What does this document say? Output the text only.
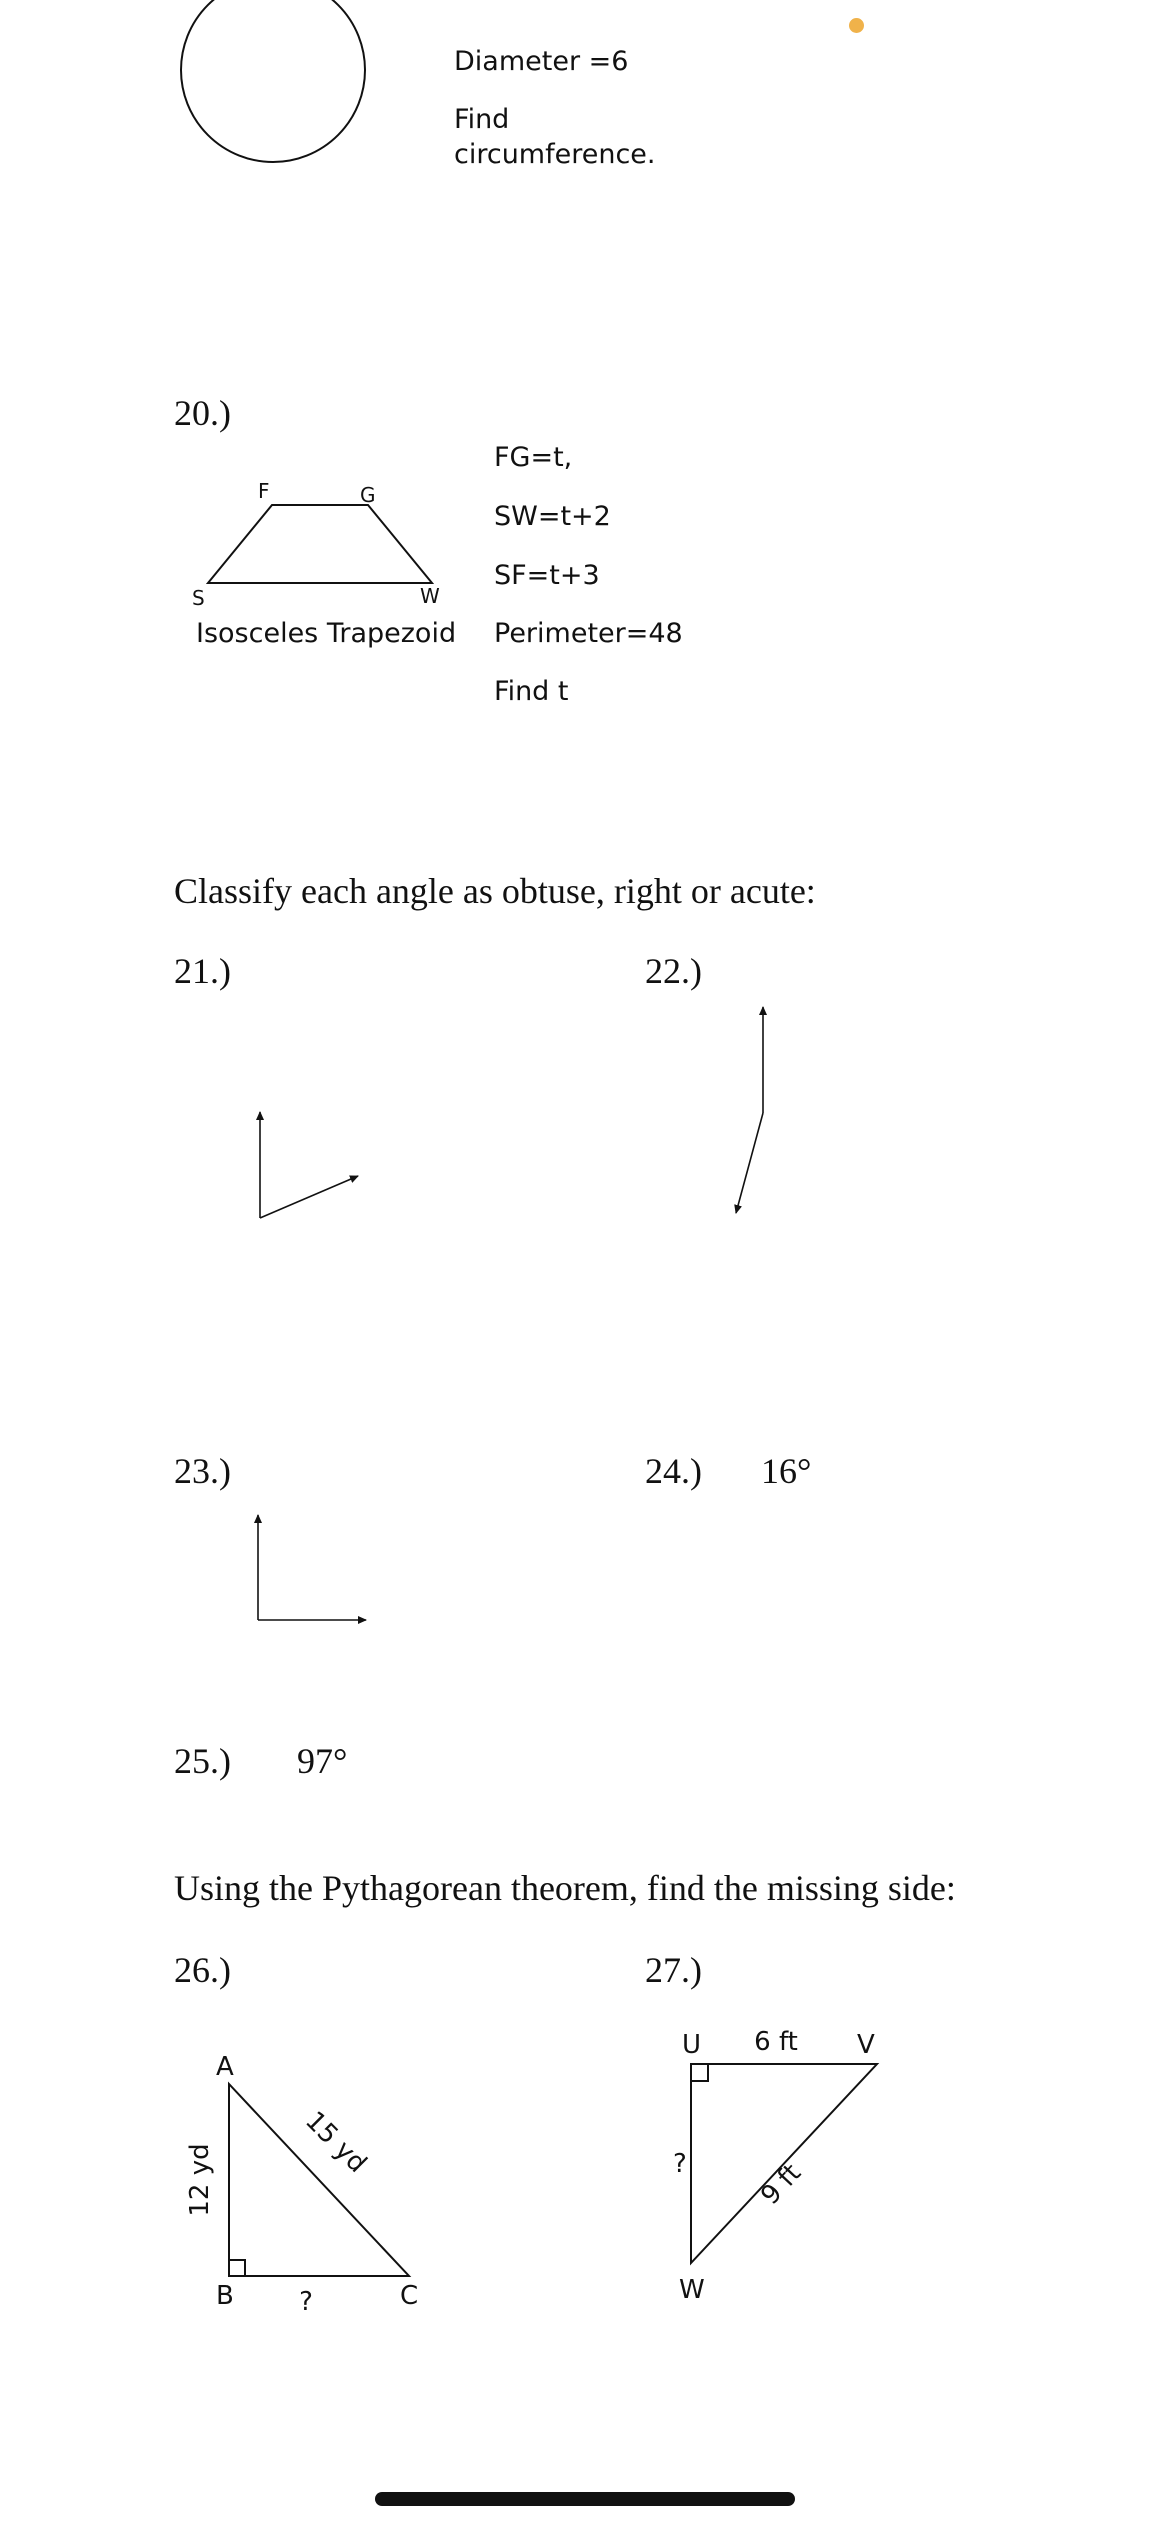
Diameter =6
Find
circumference.
20.)
F	G
S	W
Isosceles Trapezoid
FG=t,
SW=t+2
SF=t+3
Perimeter=48
Find t
Classify each angle as obtuse, right or acute:
21.)	22.)
23.)	24.) 16°
25.) 97°
Using the Pythagorean theorem, find the missing side:
26.)	27.)
A
B	C
12 yd
15 yd
?
U	V
W
6 ft
9 ft
?
